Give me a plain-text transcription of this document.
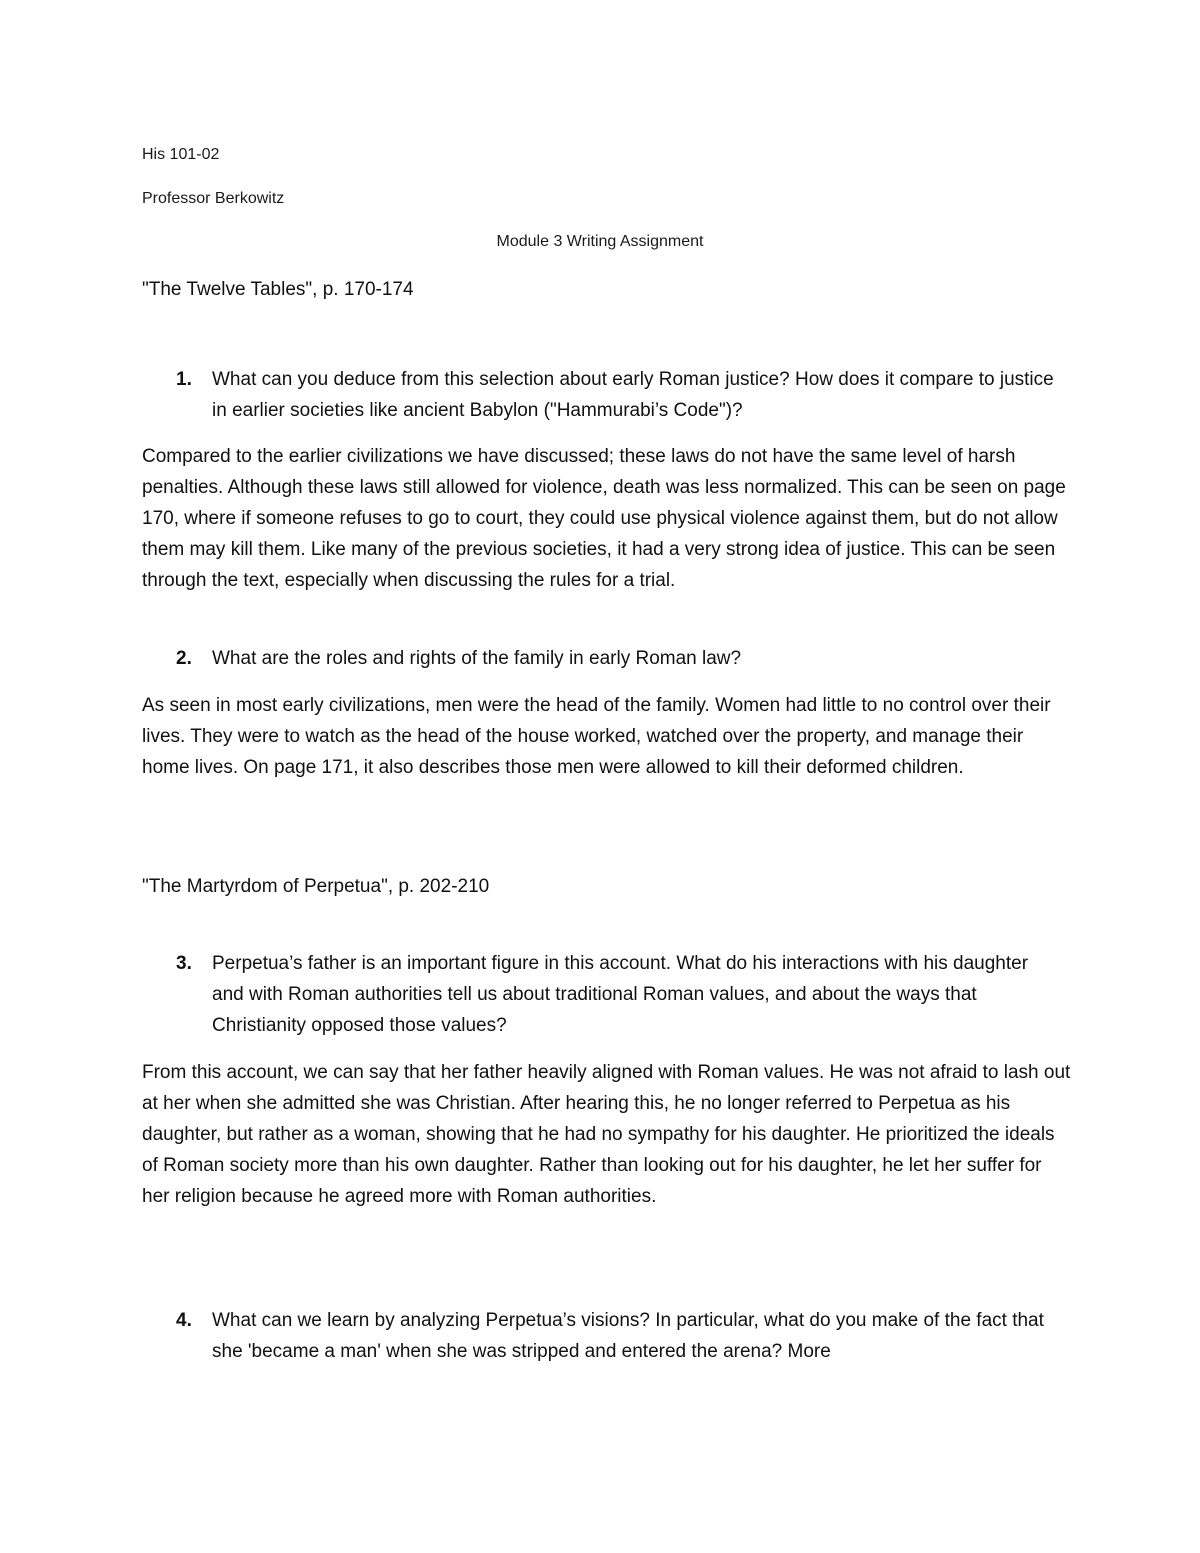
His 101-02

Professor Berkowitz

Module 3 Writing Assignment

"The Twelve Tables", p. 170-174

1. What can you deduce from this selection about early Roman justice? How does it compare to justice in earlier societies like ancient Babylon ("Hammurabi’s Code")?

Compared to the earlier civilizations we have discussed; these laws do not have the same level of harsh penalties. Although these laws still allowed for violence, death was less normalized. This can be seen on page 170, where if someone refuses to go to court, they could use physical violence against them, but do not allow them may kill them. Like many of the previous societies, it had a very strong idea of justice. This can be seen through the text, especially when discussing the rules for a trial.

2. What are the roles and rights of the family in early Roman law?

As seen in most early civilizations, men were the head of the family. Women had little to no control over their lives. They were to watch as the head of the house worked, watched over the property, and manage their home lives. On page 171, it also describes those men were allowed to kill their deformed children.

"The Martyrdom of Perpetua", p. 202-210

3. Perpetua’s father is an important figure in this account. What do his interactions with his daughter and with Roman authorities tell us about traditional Roman values, and about the ways that Christianity opposed those values?

From this account, we can say that her father heavily aligned with Roman values. He was not afraid to lash out at her when she admitted she was Christian. After hearing this, he no longer referred to Perpetua as his daughter, but rather as a woman, showing that he had no sympathy for his daughter. He prioritized the ideals of Roman society more than his own daughter. Rather than looking out for his daughter, he let her suffer for her religion because he agreed more with Roman authorities.

4. What can we learn by analyzing Perpetua’s visions? In particular, what do you make of the fact that she 'became a man' when she was stripped and entered the arena? More
